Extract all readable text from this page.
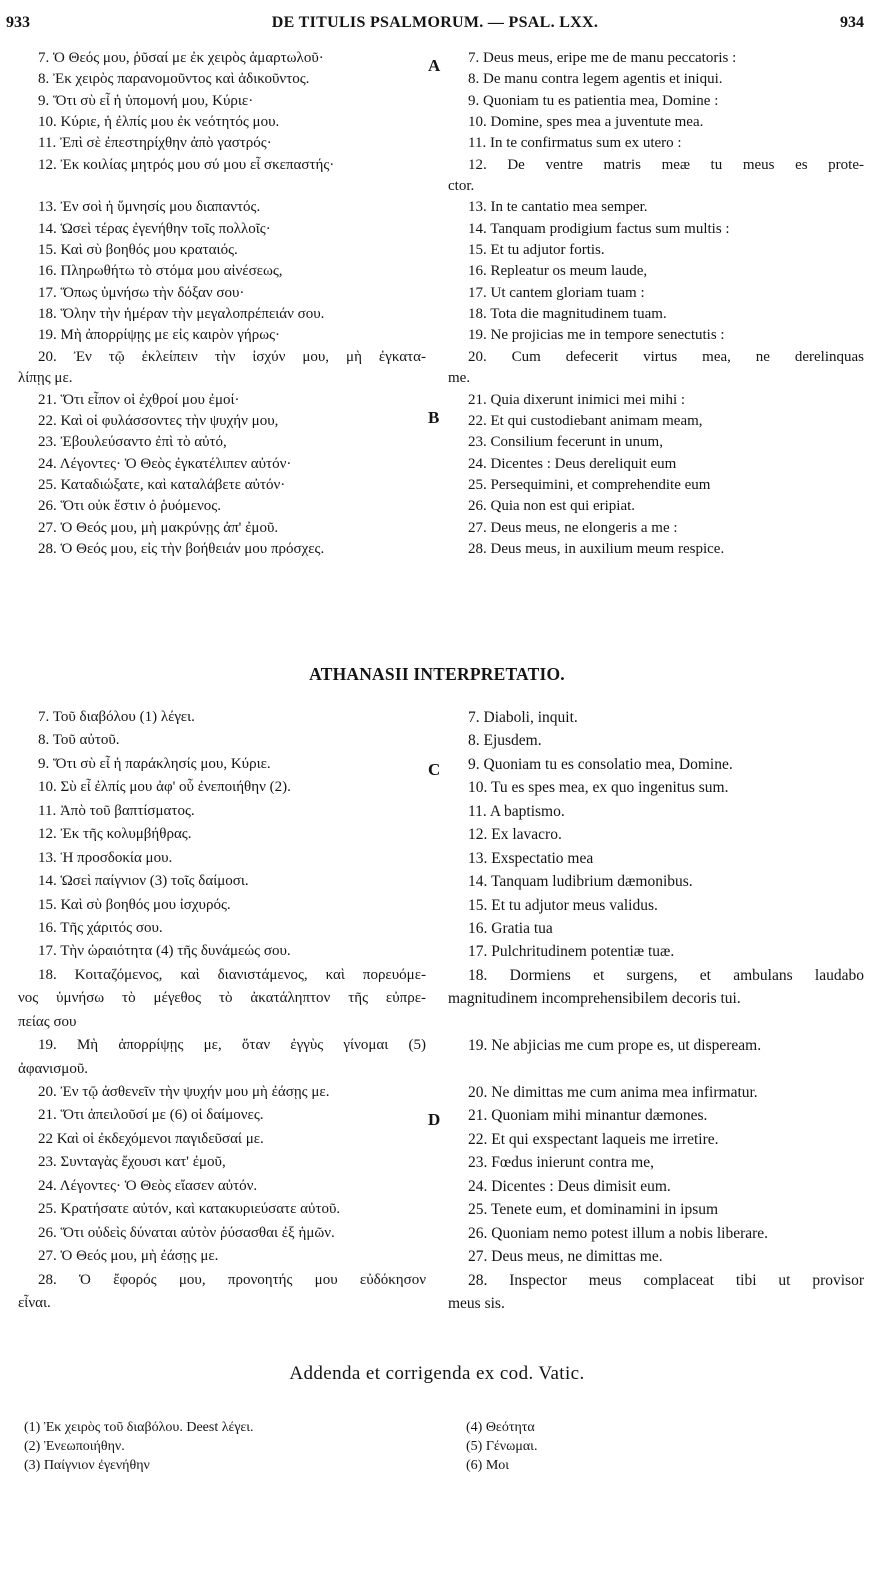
933	DE TITULIS PSALMORUM. — PSAL. LXX.	934
7. Ὁ Θεός μου, ῥῦσαί με ἐκ χειρὸς ἁμαρτωλοῦ·
8. Ἐκ χειρὸς παρανομοῦντος καὶ ἀδικοῦντος.
9. Ὅτι σὺ εἶ ἡ ὑπομονή μου, Κύριε·
10. Κύριε, ἡ ἐλπίς μου ἐκ νεότητός μου.
11. Ἐπὶ σὲ ἐπεστηρίχθην ἀπὸ γαστρός·
12. Ἐκ κοιλίας μητρός μου σύ μου εἶ σκεπαστής·
13. Ἐν σοὶ ἡ ὕμνησίς μου διαπαντός.
14. Ὡσεὶ τέρας ἐγενήθην τοῖς πολλοῖς·
15. Καὶ σὺ βοηθός μου κραταιός.
16. Πληρωθήτω τὸ στόμα μου αἰνέσεως,
17. Ὅπως ὑμνήσω τὴν δόξαν σου·
18. Ὅλην τὴν ἡμέραν τὴν μεγαλοπρέπειάν σου.
19. Μὴ ἀπορρίψῃς με εἰς καιρὸν γήρως·
20. Ἐν τῷ ἐκλείπειν τὴν ἰσχύν μου, μὴ ἐγκατα-
λίπῃς με.
21. Ὅτι εἶπον οἱ ἐχθροί μου ἐμοί·
22. Καὶ οἱ φυλάσσοντες τὴν ψυχήν μου,
23. Ἐβουλεύσαντο ἐπὶ τὸ αὐτό,
24. Λέγοντες· Ὁ Θεὸς ἐγκατέλιπεν αὐτόν·
25. Καταδιώξατε, καὶ καταλάβετε αὐτόν·
26. Ὅτι οὐκ ἔστιν ὁ ῥυόμενος.
27. Ὁ Θεός μου, μὴ μακρύνῃς ἀπ' ἐμοῦ.
28. Ὁ Θεός μου, εἰς τὴν βοήθειάν μου πρόσχες.
7. Deus meus, eripe me de manu peccatoris :
8. De manu contra legem agentis et iniqui.
9. Quoniam tu es patientia mea, Domine :
10. Domine, spes mea a juventute mea.
11. In te confirmatus sum ex utero :
12. De ventre matris meæ tu meus es prote-
ctor.
13. In te cantatio mea semper.
14. Tanquam prodigium factus sum multis :
15. Et tu adjutor fortis.
16. Repleatur os meum laude,
17. Ut cantem gloriam tuam :
18. Tota die magnitudinem tuam.
19. Ne projicias me in tempore senectutis :
20. Cum defecerit virtus mea, ne derelinquas
me.
21. Quia dixerunt inimici mei mihi :
22. Et qui custodiebant animam meam,
23. Consilium fecerunt in unum,
24. Dicentes : Deus dereliquit eum
25. Persequimini, et comprehendite eum
26. Quia non est qui eripiat.
27. Deus meus, ne elongeris a me :
28. Deus meus, in auxilium meum respice.
A
B
ATHANASII INTERPRETATIO.
7. Τοῦ διαβόλου (1) λέγει.
8. Τοῦ αὐτοῦ.
9. Ὅτι σὺ εἶ ἡ παράκλησίς μου, Κύριε.
10. Σὺ εἶ ἐλπίς μου ἀφ' οὗ ἐνεποιήθην (2).
11. Ἀπὸ τοῦ βαπτίσματος.
12. Ἐκ τῆς κολυμβήθρας.
13. Ἡ προσδοκία μου.
14. Ὡσεὶ παίγνιον (3) τοῖς δαίμοσι.
15. Καὶ σὺ βοηθός μου ἰσχυρός.
16. Τῆς χάριτός σου.
17. Τὴν ὡραιότητα (4) τῆς δυνάμεώς σου.
18. Κοιταζόμενος, καὶ διανιστάμενος, καὶ πορευόμε-
νος ὑμνήσω τὸ μέγεθος τὸ ἀκατάληπτον τῆς εὐπρε-
πείας σου
19. Μὴ ἀπορρίψῃς με, ὅταν ἐγγὺς γίνομαι (5)
ἀφανισμοῦ.
20. Ἐν τῷ ἀσθενεῖν τὴν ψυχήν μου μὴ ἐάσῃς με.
21. Ὅτι ἀπειλοῦσί με (6) οἱ δαίμονες.
22 Καὶ οἱ ἐκδεχόμενοι παγιδεῦσαί με.
23. Συνταγὰς ἔχουσι κατ' ἐμοῦ,
24. Λέγοντες· Ὁ Θεὸς εἴασεν αὐτόν.
25. Κρατήσατε αὐτόν, καὶ κατακυριεύσατε αὐτοῦ.
26. Ὅτι οὐδεὶς δύναται αὐτὸν ῥύσασθαι ἐξ ἡμῶν.
27. Ὁ Θεός μου, μὴ ἐάσῃς με.
28. Ὁ ἔφορός μου, προνοητής μου εὐδόκησον
εἶναι.
7. Diaboli, inquit.
8. Ejusdem.
9. Quoniam tu es consolatio mea, Domine.
10. Tu es spes mea, ex quo ingenitus sum.
11. A baptismo.
12. Ex lavacro.
13. Exspectatio mea
14. Tanquam ludibrium dæmonibus.
15. Et tu adjutor meus validus.
16. Gratia tua
17. Pulchritudinem potentiæ tuæ.
18. Dormiens et surgens, et ambulans laudabo
magnitudinem incomprehensibilem decoris tui.
19. Ne abjicias me cum prope es, ut dispeream.
20. Ne dimittas me cum anima mea infirmatur.
21. Quoniam mihi minantur dæmones.
22. Et qui exspectant laqueis me irretire.
23. Fœdus inierunt contra me,
24. Dicentes : Deus dimisit eum.
25. Tenete eum, et dominamini in ipsum
26. Quoniam nemo potest illum a nobis liberare.
27. Deus meus, ne dimittas me.
28. Inspector meus complaceat tibi ut provisor
meus sis.
C
D
Addenda et corrigenda ex cod. Vatic.
(1) Ἐκ χειρὸς τοῦ διαβόλου. Deest λέγει.
(2) Ἐνεωποιήθην.
(3) Παίγνιον ἐγενήθην
(4) Θεότητα
(5) Γένωμαι.
(6) Μοι
